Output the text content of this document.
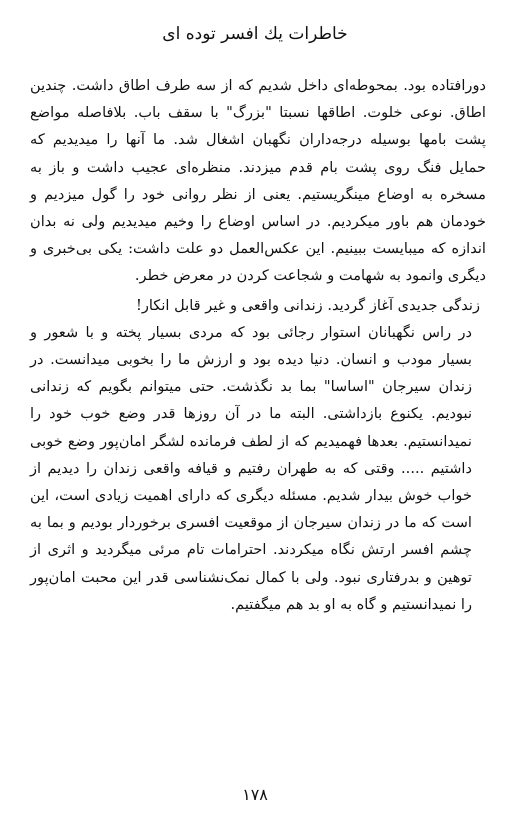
خاطرات يك افسر توده اى

دورافتاده بود. بمحوطه‌ای داخل شدیم که از سه طرف اطاق داشت. چندین اطاق. نوعی خلوت. اطاقها نسبتا "بزرگ" با سقف باب. بلافاصله مواضع پشت بامها بوسیله درجه‌داران نگهبان اشغال شد. ما آنها را میدیدیم که حمایل فنگ روی پشت بام قدم میزدند. منظره‌ای عجیب داشت و باز به مسخره به اوضاع مینگریستیم. یعنی از نظر روانی خود را گول میزدیم و خودمان هم باور میکردیم. در اساس اوضاع را وخیم میدیدیم ولی نه بدان اندازه که میبایست ببینیم. این عکس‌العمل دو علت داشت: یکی بی‌خبری و دیگری وانمود به شهامت و شجاعت کردن در معرض خطر.

زندگی جدیدی آغاز گردید. زندانی واقعی و غیر قابل انکار!

در راس نگهبانان استوار رجائی بود که مردی بسیار پخته و با شعور و بسیار مودب و انسان. دنیا دیده بود و ارزش ما را بخوبی میدانست. در زندان سیرجان "اساسا" بما بد نگذشت. حتی میتوانم بگویم که زندانی نبودیم. یکنوع بازداشتی. البته ما در آن روزها قدر وضع خوب خود را نمیدانستیم. بعدها فهمیدیم که از لطف فرمانده لشگر امان‌پور وضع خوبی داشتیم ..... وقتی که به طهران رفتیم و قیافه واقعی زندان را دیدیم از خواب خوش بیدار شدیم. مسئله دیگری که دارای اهمیت زیادی است، این است که ما در زندان سیرجان از موقعیت افسری برخوردار بودیم و بما به چشم افسر ارتش نگاه میکردند. احترامات تام مرئی میگردید و اثری از توهین و بدرفتاری نبود. ولی با کمال نمک‌نشناسی قدر این محبت امان‌پور را نمیدانستیم و گاه به او بد هم میگفتیم.

۱۷۸
